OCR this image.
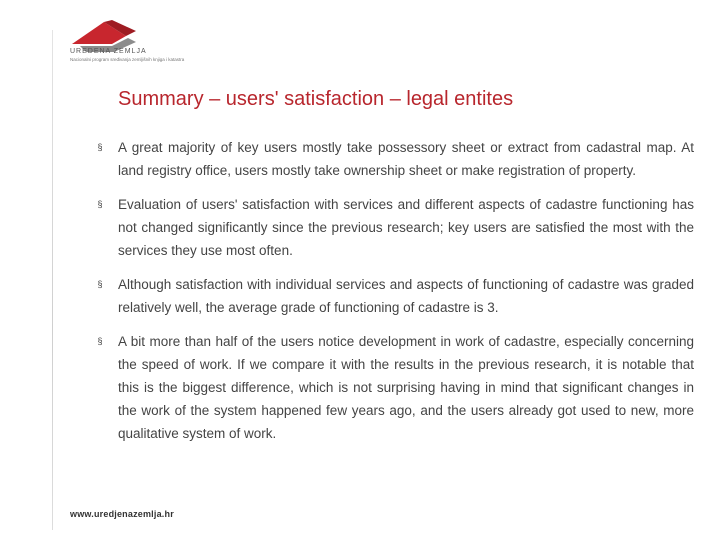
UREDENA ZEMLJA
Nacionalni program sređivanja zemljišnih knjiga i katastra
Summary – users' satisfaction – legal entites
§ A great majority of key users mostly take possessory sheet or extract from cadastral map. At land registry office, users mostly take ownership sheet or make registration of property.
§ Evaluation of users' satisfaction with services and different aspects of cadastre functioning has not changed significantly since the previous research; key users are satisfied the most with the services they use most often.
§ Although satisfaction with individual services and aspects of functioning of cadastre was graded relatively well, the average grade of functioning of cadastre is 3.
§ A bit more than half of the users notice development in work of cadastre, especially concerning the speed of work. If we compare it with the results in the previous research, it is notable that this is the biggest difference, which is not surprising having in mind that significant changes in the work of the system happened few years ago, and the users already got used to new, more qualitative system of work.
www.uredjenazemlja.hr
